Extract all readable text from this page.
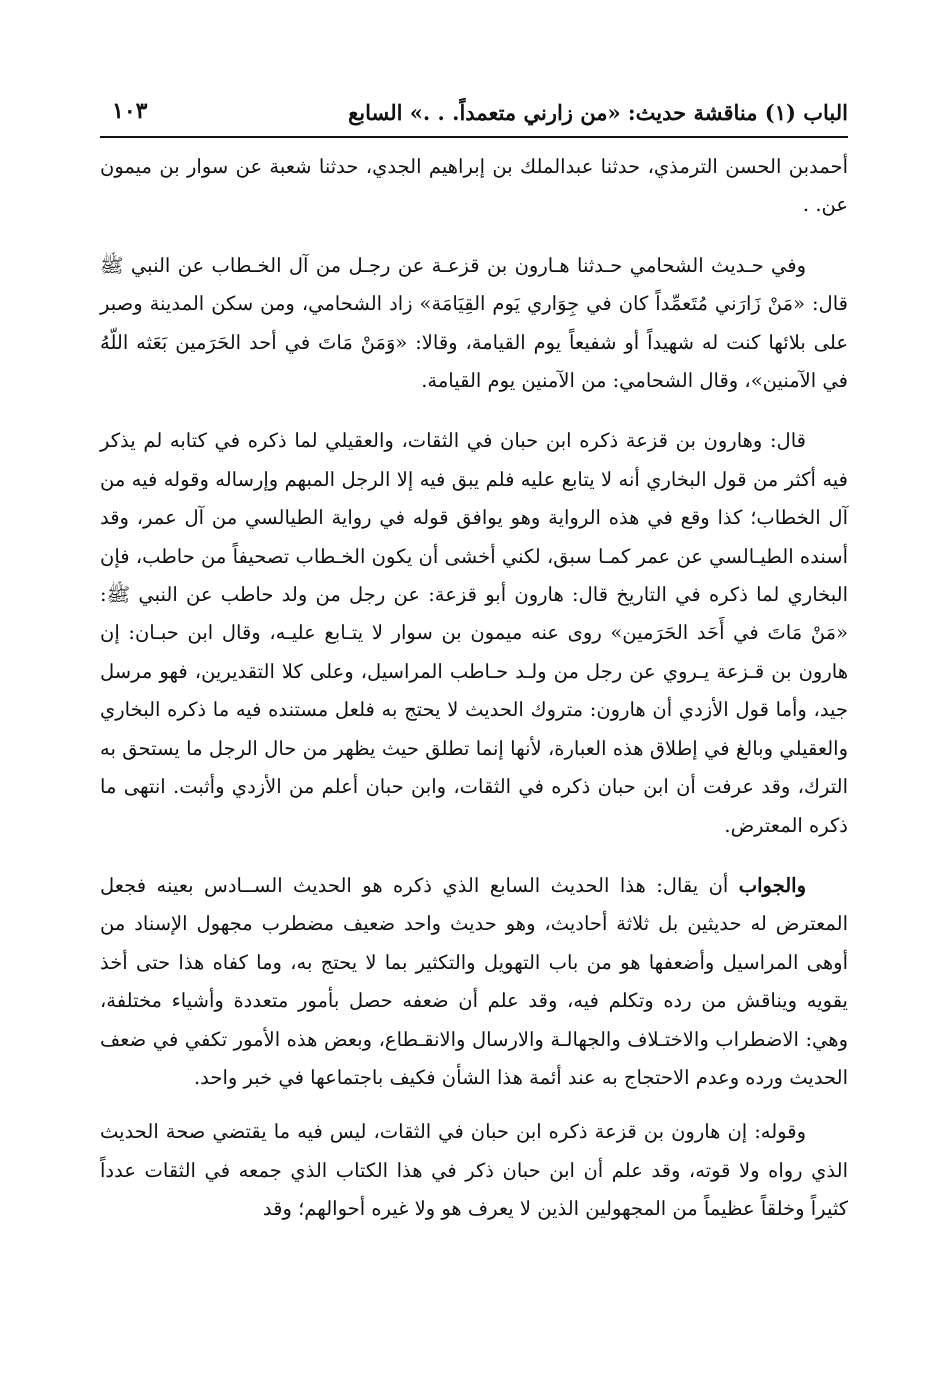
الباب (١) مناقشة حديث: «من زارني متعمداً. . .» السابع
١٠٣

أحمدبن الحسن الترمذي، حدثنا عبدالملك بن إبراهيم الجدي، حدثنا شعبة عن سوار بن ميمون عن. .

وفي حـديث الشحامي حـدثنا هـارون بن قزعـة عن رجـل من آل الخـطاب عن النبي ﷺ قال: «مَنْ زَارَني مُتَعمِّداً كان في جِوَاري يَوم القِيَامَة» زاد الشحامي، ومن سكن المدينة وصبر على بلائها كنت له شهيداً أو شفيعاً يوم القيامة، وقالا: «وَمَنْ مَاتَ في أحد الحَرَمين بَعَثه اللّهُ في الآمنين»، وقال الشحامي: من الآمنين يوم القيامة.

قال: وهارون بن قزعة ذكره ابن حبان في الثقات، والعقيلي لما ذكره في كتابه لم يذكر فيه أكثر من قول البخاري أنه لا يتابع عليه فلم يبق فيه إلا الرجل المبهم وإرساله وقوله فيه من آل الخطاب؛ كذا وقع في هذه الرواية وهو يوافق قوله في رواية الطيالسي من آل عمر، وقد أسنده الطيـالسي عن عمر كمـا سبق، لكني أخشى أن يكون الخـطاب تصحيفاً من حاطب، فإن البخاري لما ذكره في التاريخ قال: هارون أبو قزعة: عن رجل من ولد حاطب عن النبي ﷺ: «مَنْ مَاتَ في أَحَد الحَرَمين» روى عنه ميمون بن سوار لا يتـابع عليـه، وقال ابن حبـان: إن هارون بن قـزعة يـروي عن رجل من ولـد حـاطب المراسيل، وعلى كلا التقديرين، فهو مرسل جيد، وأما قول الأزدي أن هارون: متروك الحديث لا يحتج به فلعل مستنده فيه ما ذكره البخاري والعقيلي وبالغ في إطلاق هذه العبارة، لأنها إنما تطلق حيث يظهر من حال الرجل ما يستحق به الترك، وقد عرفت أن ابن حبان ذكره في الثقات، وابن حبان أعلم من الأزدي وأثبت. انتهى ما ذكره المعترض.

والجواب أن يقال: هذا الحديث السابع الذي ذكره هو الحديث الســادس بعينه فجعل المعترض له حديثين بل ثلاثة أحاديث، وهو حديث واحد ضعيف مضطرب مجهول الإسناد من أوهى المراسيل وأضعفها هو من باب التهويل والتكثير بما لا يحتج به، وما كفاه هذا حتى أخذ يقويه ويناقش من رده وتكلم فيه، وقد علم أن ضعفه حصل بأمور متعددة وأشياء مختلفة، وهي: الاضطراب والاختـلاف والجهالـة والارسال والانقـطاع، وبعض هذه الأمور تكفي في ضعف الحديث ورده وعدم الاحتجاج به عند أئمة هذا الشأن فكيف باجتماعها في خبر واحد.

وقوله: إن هارون بن قزعة ذكره ابن حبان في الثقات، ليس فيه ما يقتضي صحة الحديث الذي رواه ولا قوته، وقد علم أن ابن حبان ذكر في هذا الكتاب الذي جمعه في الثقات عدداً كثيراً وخلقاً عظيماً من المجهولين الذين لا يعرف هو ولا غيره أحوالهم؛ وقد
